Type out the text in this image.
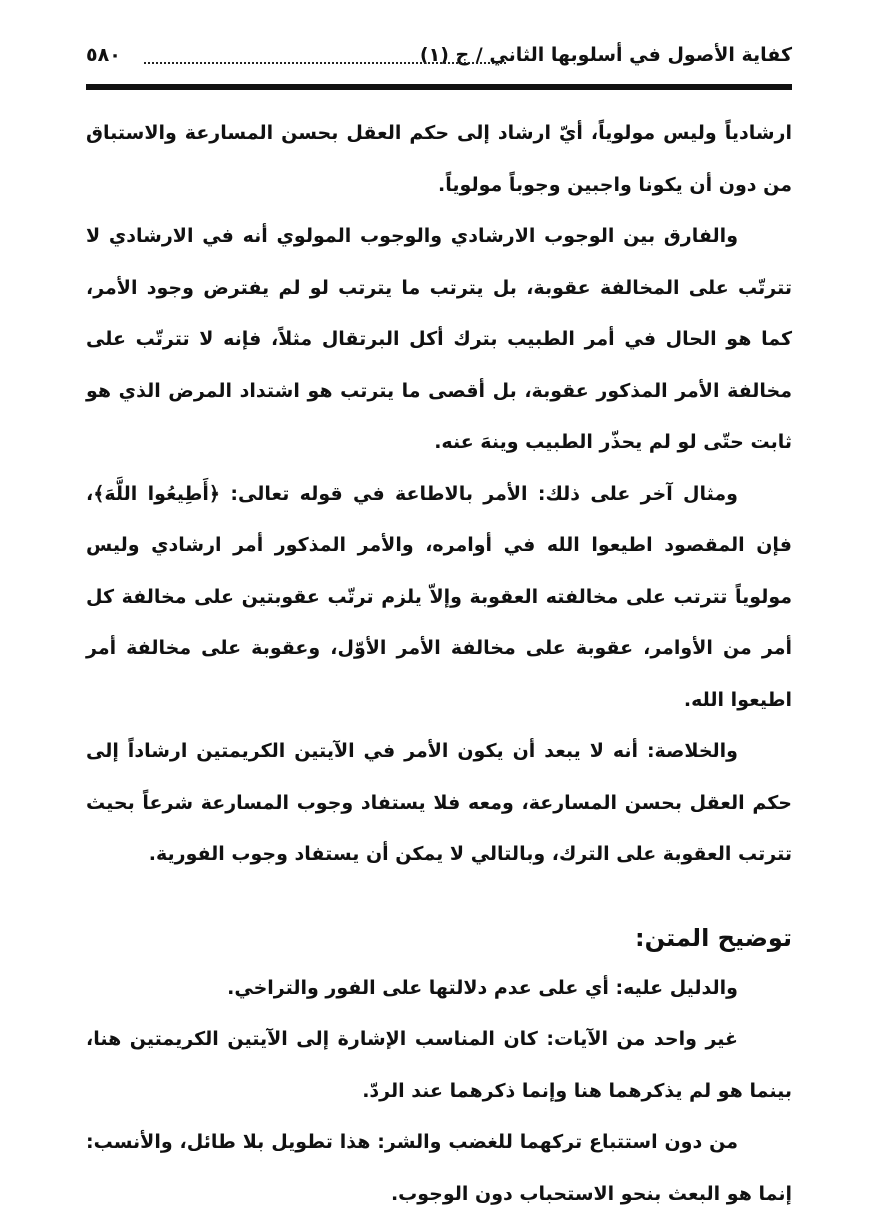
كفاية الأصول في أسلوبها الثاني / ج (١)
٥٨٠

ارشادياً وليس مولوياً، أيّ ارشاد إلى حكم العقل بحسن المسارعة والاستباق من دون أن يكونا واجبين وجوباً مولوياً.

والفارق بين الوجوب الارشادي والوجوب المولوي أنه في الارشادي لا تترتّب على المخالفة عقوبة، بل يترتب ما يترتب لو لم يفترض وجود الأمر، كما هو الحال في أمر الطبيب بترك أكل البرتقال مثلاً، فإنه لا تترتّب على مخالفة الأمر المذكور عقوبة، بل أقصى ما يترتب هو اشتداد المرض الذي هو ثابت حتّى لو لم يحذّر الطبيب وينهَ عنه.

ومثال آخر على ذلك: الأمر بالاطاعة في قوله تعالى: ﴿أَطِيعُوا اللَّهَ﴾، فإن المقصود اطيعوا الله في أوامره، والأمر المذكور أمر ارشادي وليس مولوياً تترتب على مخالفته العقوبة وإلاّ يلزم ترتّب عقوبتين على مخالفة كل أمر من الأوامر، عقوبة على مخالفة الأمر الأوّل، وعقوبة على مخالفة أمر اطيعوا الله.

والخلاصة: أنه لا يبعد أن يكون الأمر في الآيتين الكريمتين ارشاداً إلى حكم العقل بحسن المسارعة، ومعه فلا يستفاد وجوب المسارعة شرعاً بحيث تترتب العقوبة على الترك، وبالتالي لا يمكن أن يستفاد وجوب الفورية.

توضيح المتن:

والدليل عليه: أي على عدم دلالتها على الفور والتراخي.

غير واحد من الآيات: كان المناسب الإشارة إلى الآيتين الكريمتين هنا، بينما هو لم يذكرهما هنا وإنما ذكرهما عند الردّ.

من دون استتباع تركهما للغضب والشر: هذا تطويل بلا طائل، والأنسب: إنما هو البعث بنحو الاستحباب دون الوجوب.
